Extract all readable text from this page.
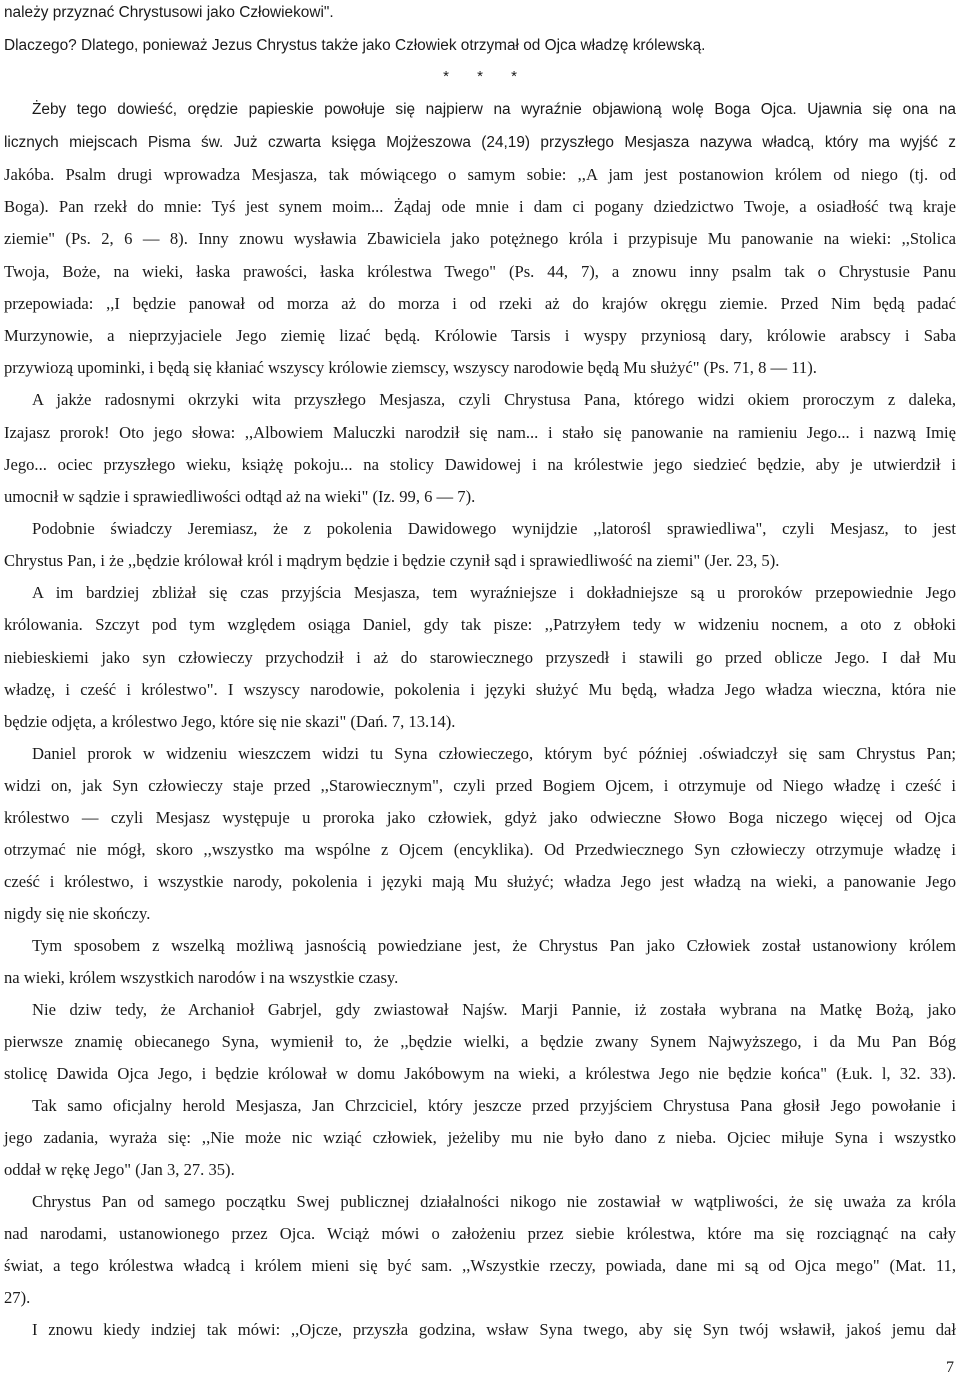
należy przyznać Chrystusowi jako Człowiekowi".
Dlaczego? Dlatego, ponieważ Jezus Chrystus także jako Człowiek otrzymał od Ojca władzę królewską.
* * *
Żeby tego dowieść, orędzie papieskie powołuje się najpierw na wyraźnie objawioną wolę Boga Ojca. Ujawnia się ona na
licznych miejscach Pisma św. Już czwarta księga Mojżeszowa (24,19) przyszłego Mesjasza nazywa władcą, który ma wyjść z
Jakóba. Psalm drugi wprowadza Mesjasza, tak mówiącego o samym sobie: ,,A jam jest postanowion królem od niego (tj. od
Boga). Pan rzekł do mnie: Tyś jest synem moim... Żądaj ode mnie i dam ci pogany dziedzictwo Twoje, a osiadłość twą kraje
ziemie" (Ps. 2, 6 — 8). Inny znowu wysławia Zbawiciela jako potężnego króla i przypisuje Mu panowanie na wieki: ,,Stolica
Twoja, Boże, na wieki, łaska prawości, łaska królestwa Twego" (Ps. 44, 7), a znowu inny psalm tak o Chrystusie Panu
przepowiada: ,,I będzie panował od morza aż do morza i od rzeki aż do krajów okręgu ziemie. Przed Nim będą padać
Murzynowie, a nieprzyjaciele Jego ziemię lizać będą. Królowie Tarsis i wyspy przyniosą dary, królowie arabscy i Saba
przywiozą upominki, i będą się kłaniać wszyscy królowie ziemscy, wszyscy narodowie będą Mu służyć" (Ps. 71, 8 — 11).
A jakże radosnymi okrzyki wita przyszłego Mesjasza, czyli Chrystusa Pana, którego widzi okiem proroczym z daleka,
Izajasz prorok! Oto jego słowa: ,,Albowiem Maluczki narodził się nam... i stało się panowanie na ramieniu Jego... i nazwą Imię
Jego... ociec przyszłego wieku, książę pokoju... na stolicy Dawidowej i na królestwie jego siedzieć będzie, aby je utwierdził i
umocnił w sądzie i sprawiedliwości odtąd aż na wieki" (Iz. 99, 6 — 7).
Podobnie świadczy Jeremiasz, że z pokolenia Dawidowego wynijdzie ,,latorośl sprawiedliwa", czyli Mesjasz, to jest
Chrystus Pan, i że ,,będzie królował król i mądrym będzie i będzie czynił sąd i sprawiedliwość na ziemi" (Jer. 23, 5).
A im bardziej zbliżał się czas przyjścia Mesjasza, tem wyraźniejsze i dokładniejsze są u proroków przepowiednie Jego
królowania. Szczyt pod tym względem osiąga Daniel, gdy tak pisze: ,,Patrzyłem tedy w widzeniu nocnem, a oto z obłoki
niebieskiemi jako syn człowieczy przychodził i aż do starowiecznego przyszedł i stawili go przed oblicze Jego. I dał Mu
władzę, i cześć i królestwo". I wszyscy narodowie, pokolenia i języki służyć Mu będą, władza Jego władza wieczna, która nie
będzie odjęta, a królestwo Jego, które się nie skazi" (Dań. 7, 13.14).
Daniel prorok w widzeniu wieszczem widzi tu Syna człowieczego, którym być później .oświadczył się sam Chrystus Pan;
widzi on, jak Syn człowieczy staje przed ,,Starowiecznym", czyli przed Bogiem Ojcem, i otrzymuje od Niego władzę i cześć i
królestwo — czyli Mesjasz występuje u proroka jako człowiek, gdyż jako odwieczne Słowo Boga niczego więcej od Ojca
otrzymać nie mógł, skoro ,,wszystko ma wspólne z Ojcem (encyklika). Od Przedwiecznego Syn człowieczy otrzymuje władzę i
cześć i królestwo, i wszystkie narody, pokolenia i języki mają Mu służyć; władza Jego jest władzą na wieki, a panowanie Jego
nigdy się nie skończy.
Tym sposobem z wszelką możliwą jasnością powiedziane jest, że Chrystus Pan jako Człowiek został ustanowiony królem
na wieki, królem wszystkich narodów i na wszystkie czasy.
Nie dziw tedy, że Archanioł Gabrjel, gdy zwiastował Najśw. Marji Pannie, iż została wybrana na Matkę Bożą, jako
pierwsze znamię obiecanego Syna, wymienił to, że ,,będzie wielki, a będzie zwany Synem Najwyższego, i da Mu Pan Bóg
stolicę Dawida Ojca Jego, i będzie królował w domu Jakóbowym na wieki, a królestwa Jego nie będzie końca" (Łuk. l, 32. 33).
Tak samo oficjalny herold Mesjasza, Jan Chrzciciel, który jeszcze przed przyjściem Chrystusa Pana głosił Jego powołanie i
jego zadania, wyraża się: ,,Nie może nic wziąć człowiek, jeżeliby mu nie było dano z nieba. Ojciec miłuje Syna i wszystko
oddał w rękę Jego" (Jan 3, 27. 35).
Chrystus Pan od samego początku Swej publicznej działalności nikogo nie zostawiał w wątpliwości, że się uważa za króla
nad narodami, ustanowionego przez Ojca. Wciąż mówi o założeniu przez siebie królestwa, które ma się rozciągnąć na cały
świat, a tego królestwa władcą i królem mieni się być sam. ,,Wszystkie rzeczy, powiada, dane mi są od Ojca mego" (Mat. 11,
27).
I znowu kiedy indziej tak mówi: ,,Ojcze, przyszła godzina, wsław Syna twego, aby się Syn twój wsławił, jakoś jemu dał
7
